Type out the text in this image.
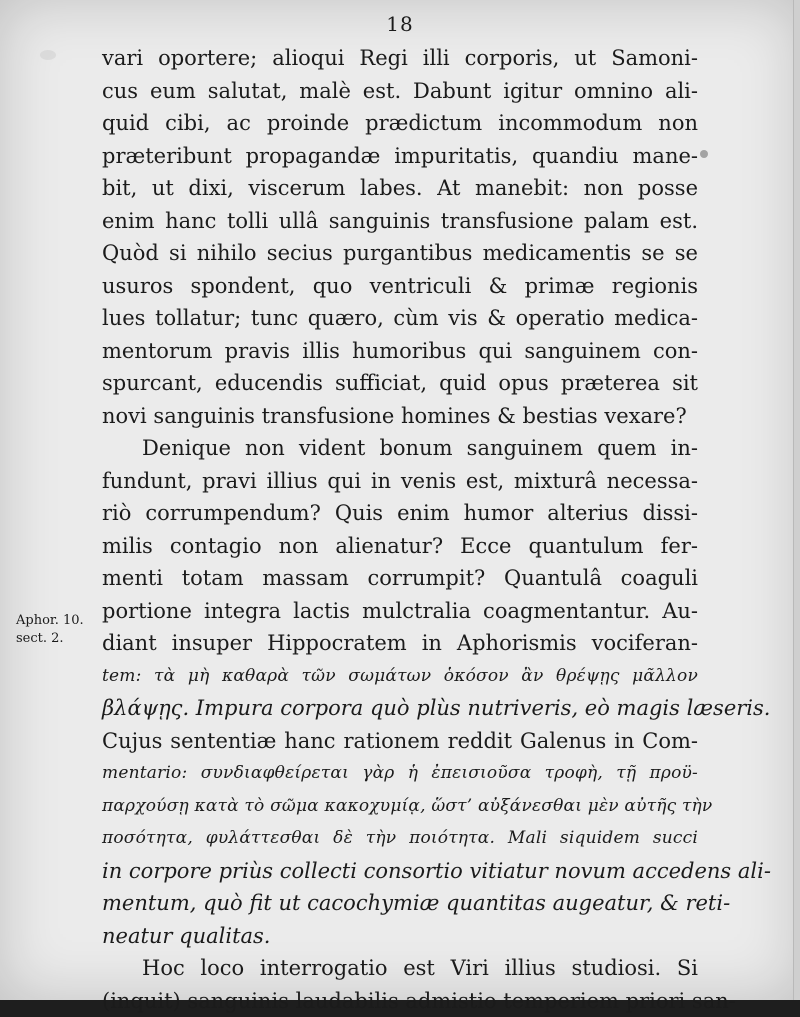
18
Aphor. 10.
sect. 2.
vari oportere; alioqui Regi illi corporis, ut Samoni-
cus eum salutat, malè est. Dabunt igitur omnino ali-
quid cibi, ac proinde prædictum incommodum non
præteribunt propagandæ impuritatis, quandiu mane-
bit, ut dixi, viscerum labes. At manebit: non posse
enim hanc tolli ullâ sanguinis transfusione palam est.
Quòd si nihilo secius purgantibus medicamentis se se
usuros spondent, quo ventriculi & primæ regionis
lues tollatur; tunc quæro, cùm vis & operatio medica-
mentorum pravis illis humoribus qui sanguinem con-
spurcant, educendis sufficiat, quid opus præterea sit
novi sanguinis transfusione homines & bestias vexare?
Denique non vident bonum sanguinem quem in-
fundunt, pravi illius qui in venis est, mixturâ necessa-
riò corrumpendum? Quis enim humor alterius dissi-
milis contagio non alienatur? Ecce quantulum fer-
menti totam massam corrumpit? Quantulâ coaguli
portione integra lactis mulctralia coagmentantur. Au-
diant insuper Hippocratem in Aphorismis vociferan-
tem: τὰ μὴ καθαρὰ τῶν σωμάτων ὁκόσον ἂν θρέψῃς μᾶλλον
βλάψῃς. Impura corpora quò plùs nutriveris, eò magis læseris.
Cujus sententiæ hanc rationem reddit Galenus in Com-
mentario: συνδιαφθείρεται γὰρ ἡ ἐπεισιοῦσα τροφὴ, τῇ προϋ-
παρχούσῃ κατὰ τὸ σῶμα κακοχυμίᾳ, ὥστ’ αὐξάνεσθαι μὲν αὐτῆς τὴν
ποσότητα, φυλάττεσθαι δὲ τὴν ποιότητα. Mali siquidem succi
in corpore priùs collecti consortio vitiatur novum accedens ali-
mentum, quò fit ut cacochymiæ quantitas augeatur, & reti-
neatur qualitas.
Hoc loco interrogatio est Viri illius studiosi. Si
(inquit) sanguinis laudabilis admistio temperiem priori san-
